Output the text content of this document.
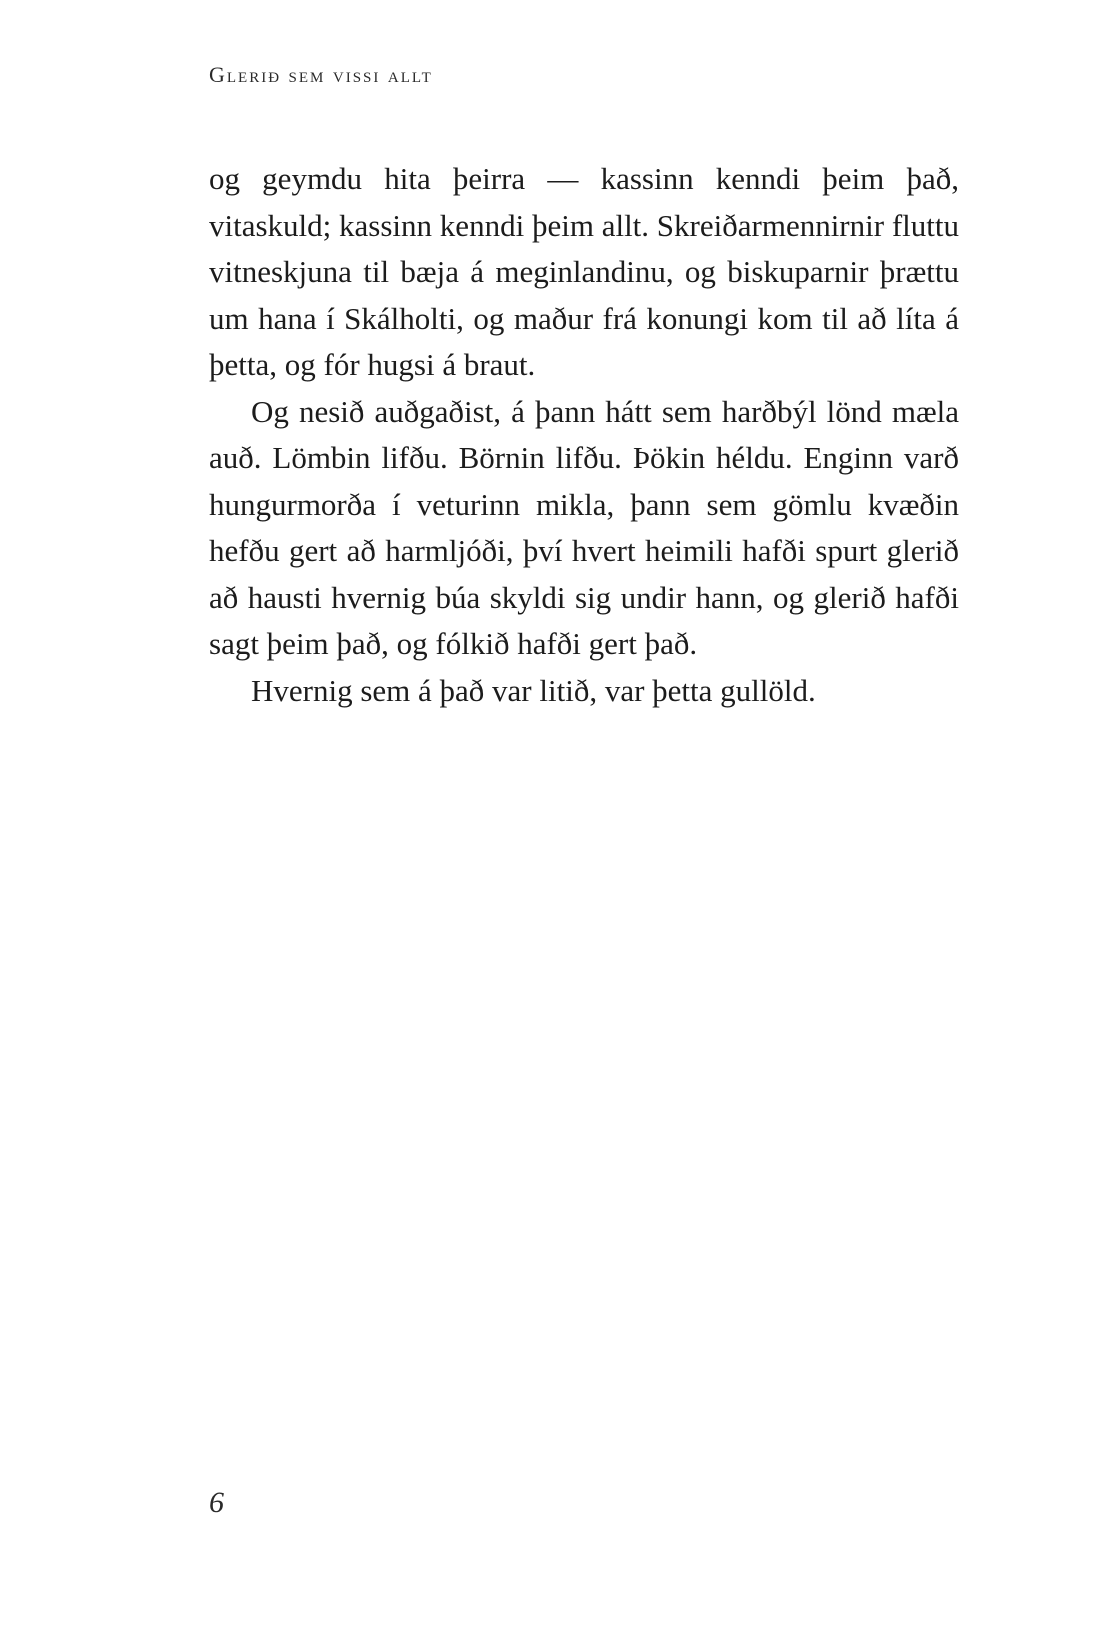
Glerið sem vissi allt

og geymdu hita þeirra — kassinn kenndi þeim það, vitaskuld; kassinn kenndi þeim allt. Skreiðarmennirnir fluttu vitneskjuna til bæja á meginlandinu, og biskuparnir þrættu um hana í Skálholti, og maður frá konungi kom til að líta á þetta, og fór hugsi á braut.

Og nesið auðgaðist, á þann hátt sem harðbýl lönd mæla auð. Lömbin lifðu. Börnin lifðu. Þökin héldu. Enginn varð hungurmorða í veturinn mikla, þann sem gömlu kvæðin hefðu gert að harmljóði, því hvert heimili hafði spurt glerið að hausti hvernig búa skyldi sig undir hann, og glerið hafði sagt þeim það, og fólkið hafði gert það.

Hvernig sem á það var litið, var þetta gullöld.

6
